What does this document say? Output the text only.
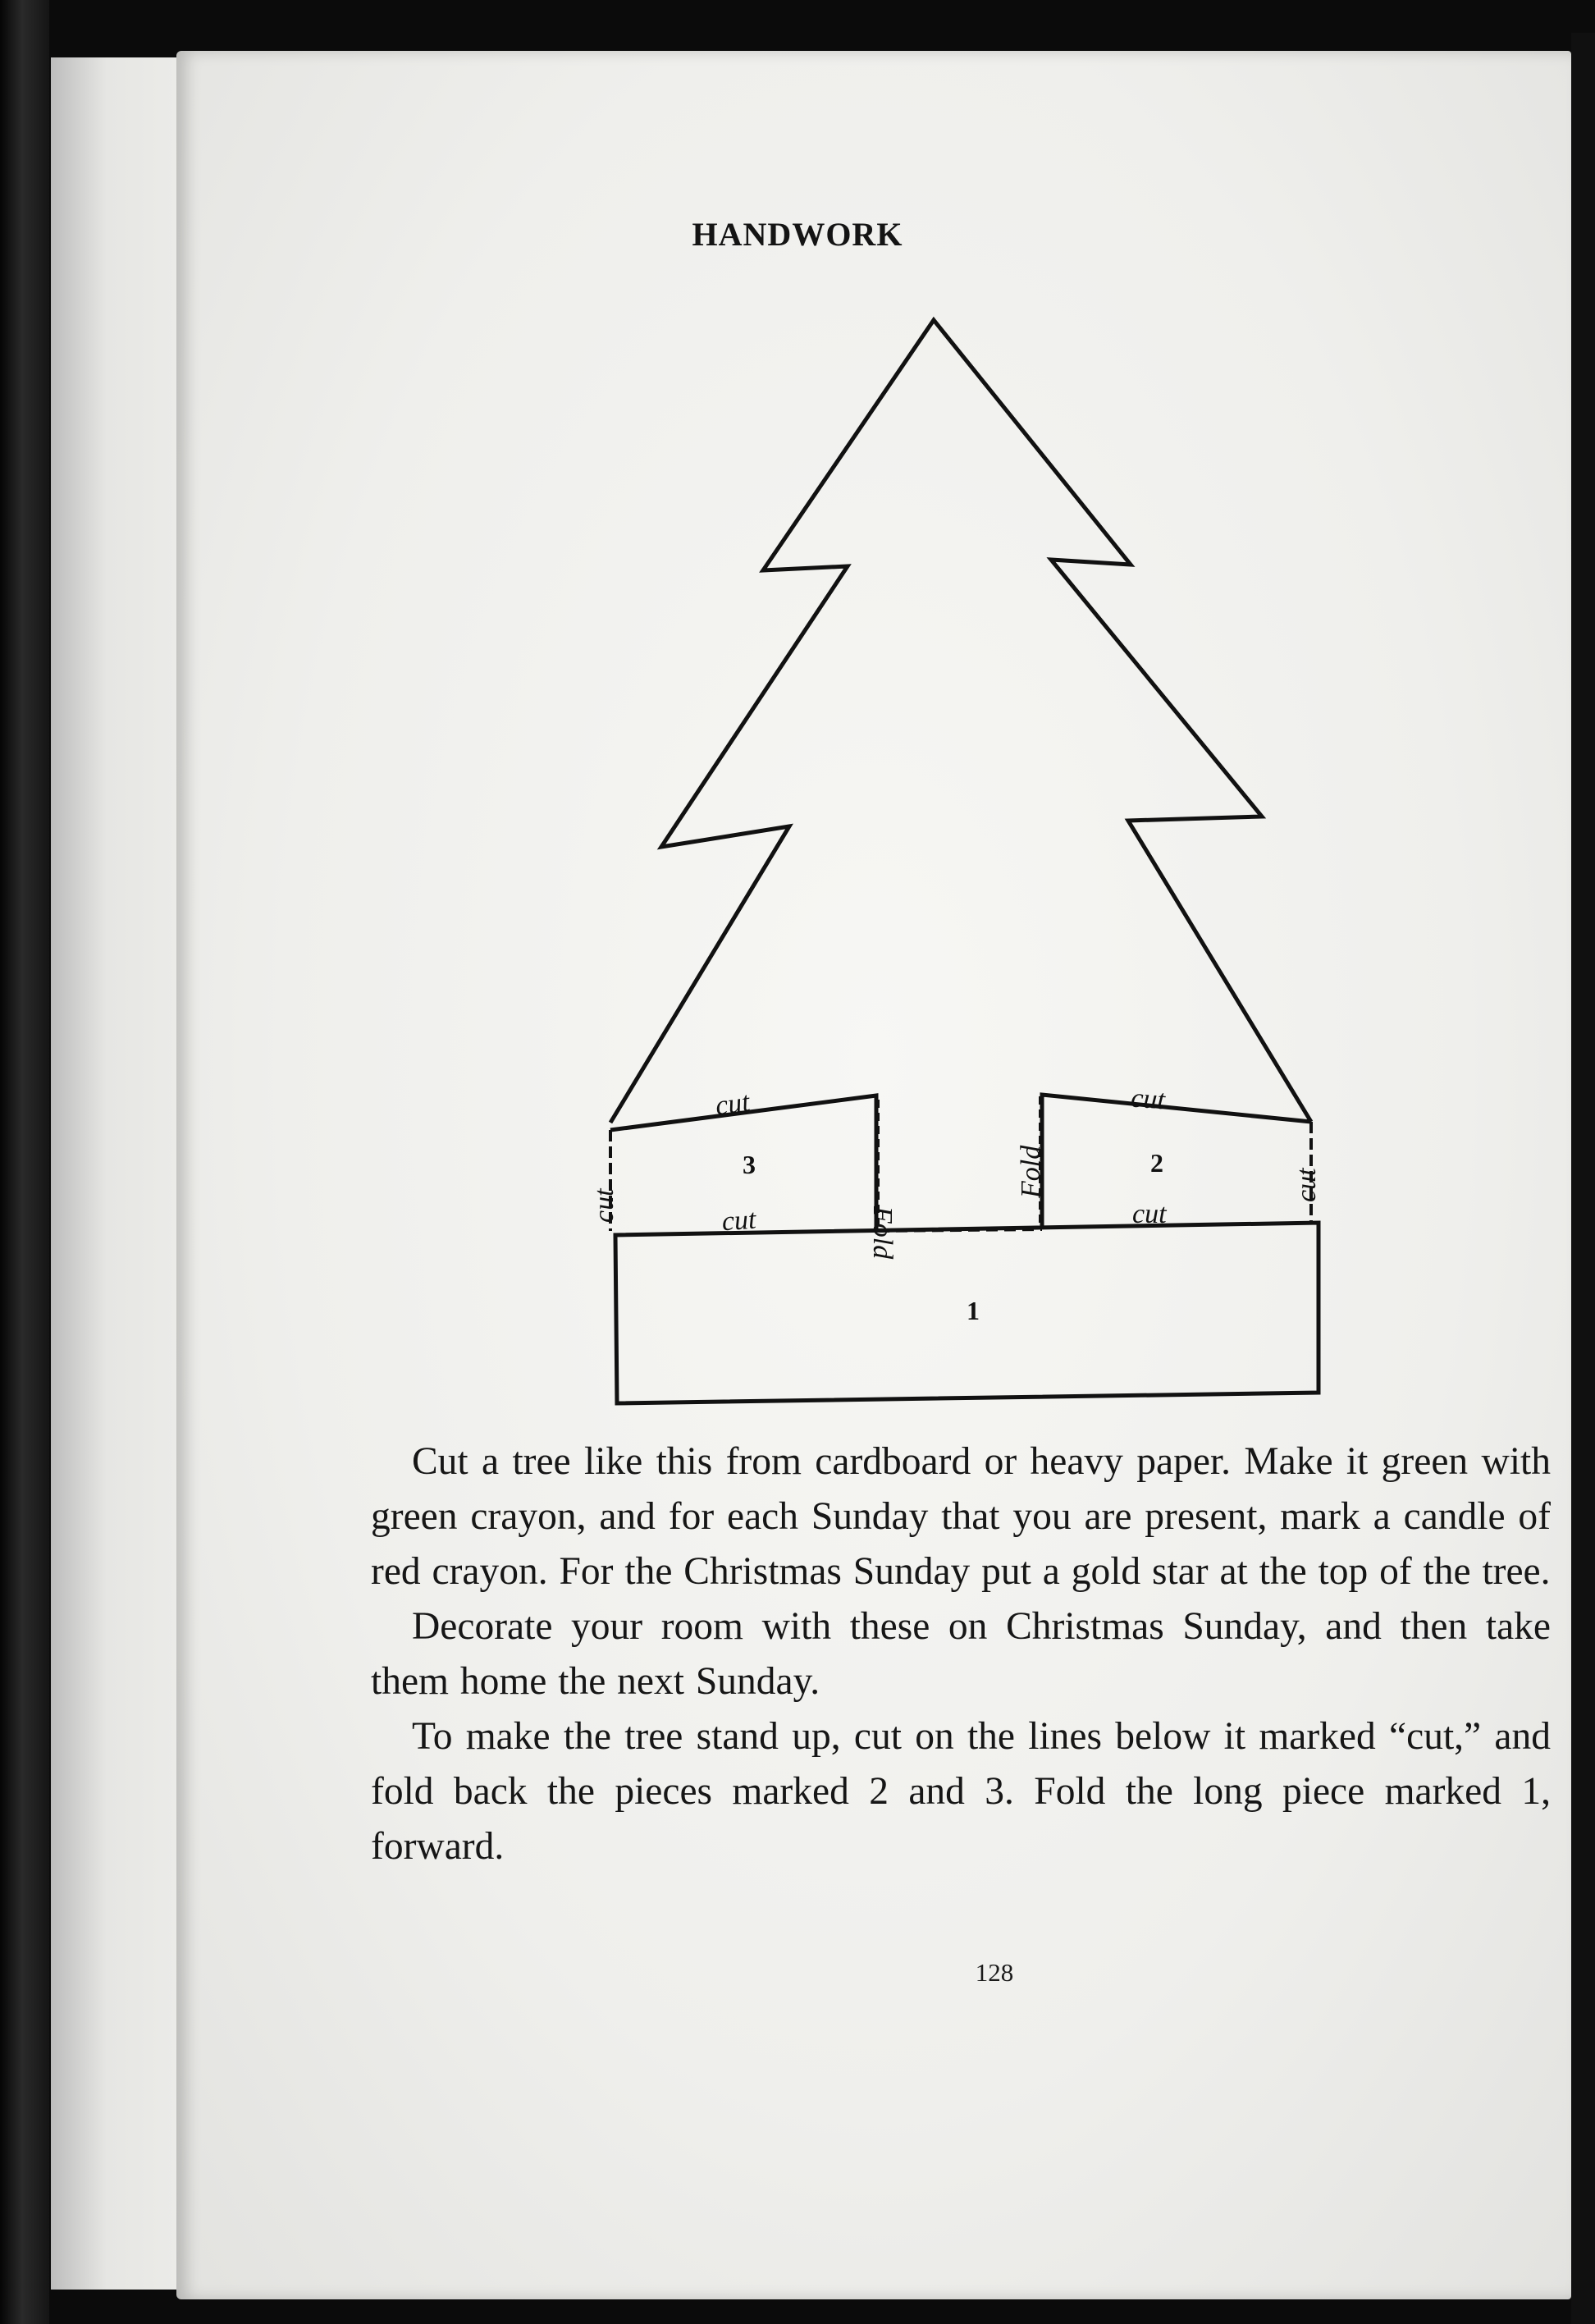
HANDWORK
cut	cut
cut
Fold
Fold	cut
cut	cut
3	2
1

Cut a tree like this from cardboard or heavy paper. Make it green with green crayon, and for each Sunday that you are present, mark a candle of red crayon. For the Christmas Sunday put a gold star at the top of the tree.

Decorate your room with these on Christmas Sunday, and then take them home the next Sunday.

To make the tree stand up, cut on the lines below it marked “cut,” and fold back the pieces marked 2 and 3. Fold the long piece marked 1, forward.

128
